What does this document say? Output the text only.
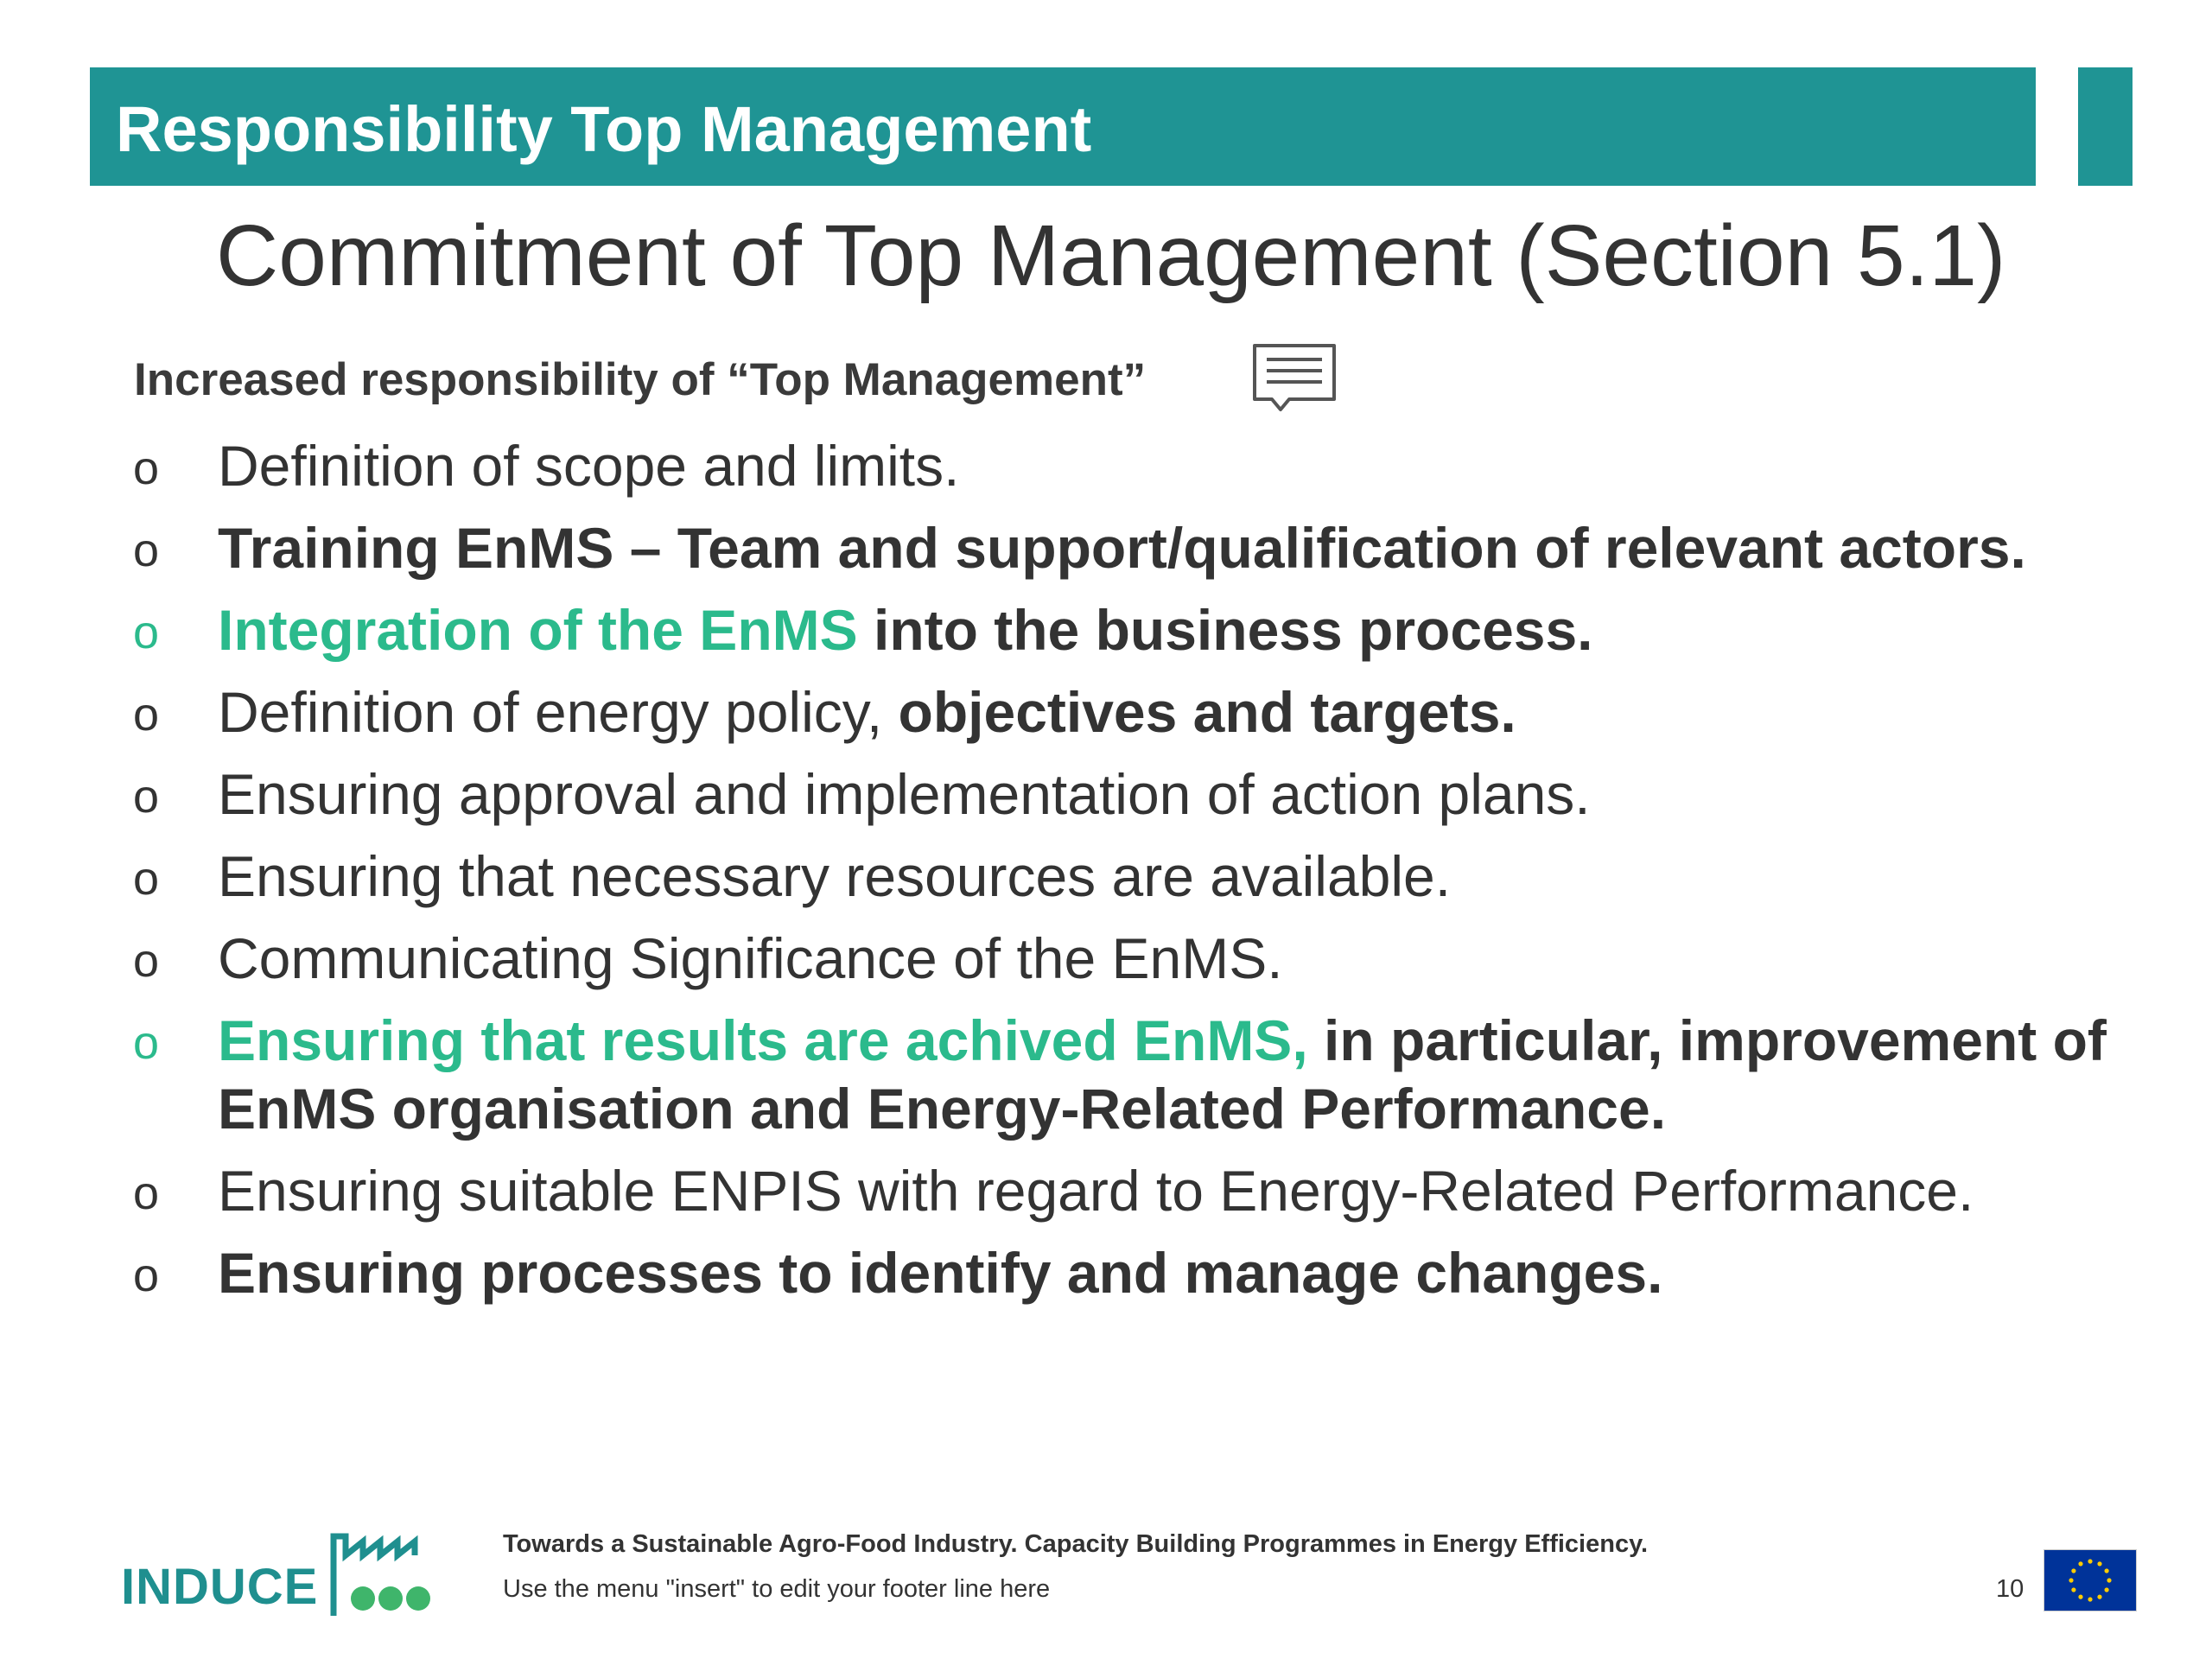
Responsibility Top Management
Commitment of Top Management (Section 5.1)
Increased responsibility of “Top Management”
o Definition of scope and limits.
o Training EnMS – Team and support/qualification of relevant actors.
o Integration of the EnMS into the business process.
o Definition of energy policy, objectives and targets.
o Ensuring approval and implementation of action plans.
o Ensuring that necessary resources are available.
o Communicating Significance of the EnMS.
o Ensuring that results are achived EnMS, in particular, improvement of EnMS organisation and Energy-Related Performance.
o Ensuring suitable ENPIS with regard to Energy-Related Performance.
o Ensuring processes to identify and manage changes.
INDUCE
Towards a Sustainable Agro-Food Industry. Capacity Building Programmes in Energy Efficiency.
Use the menu "insert" to edit your footer line here	10
